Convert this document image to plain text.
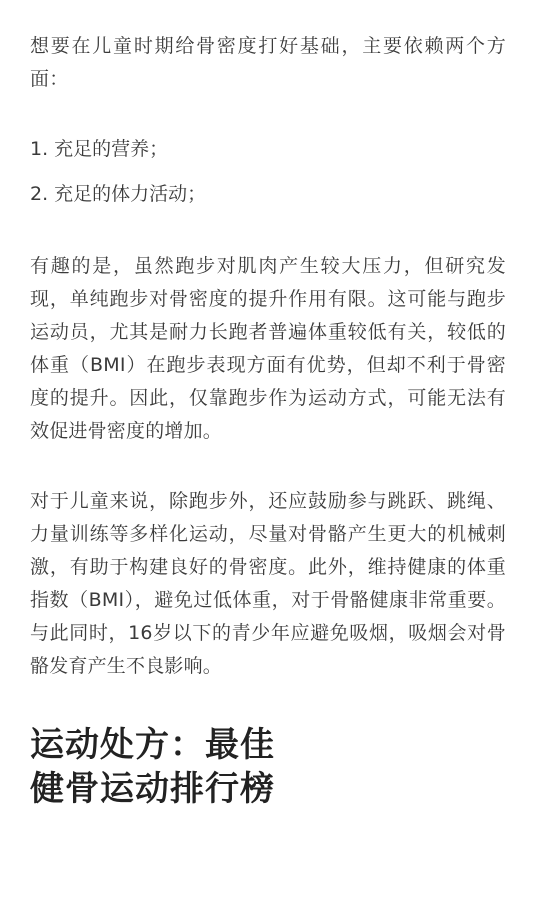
想要在儿童时期给骨密度打好基础，主要依赖两个方面：

1. 充足的营养；
2. 充足的体力活动；

有趣的是，虽然跑步对肌肉产生较大压力，但研究发现，单纯跑步对骨密度的提升作用有限。这可能与跑步运动员，尤其是耐力长跑者普遍体重较低有关，较低的体重（BMI）在跑步表现方面有优势，但却不利于骨密度的提升。因此，仅靠跑步作为运动方式，可能无法有效促进骨密度的增加。

对于儿童来说，除跑步外，还应鼓励参与跳跃、跳绳、力量训练等多样化运动，尽量对骨骼产生更大的机械刺激，有助于构建良好的骨密度。此外，维持健康的体重指数（BMI），避免过低体重，对于骨骼健康非常重要。与此同时，16岁以下的青少年应避免吸烟，吸烟会对骨骼发育产生不良影响。

运动处方：最佳
健骨运动排行榜
